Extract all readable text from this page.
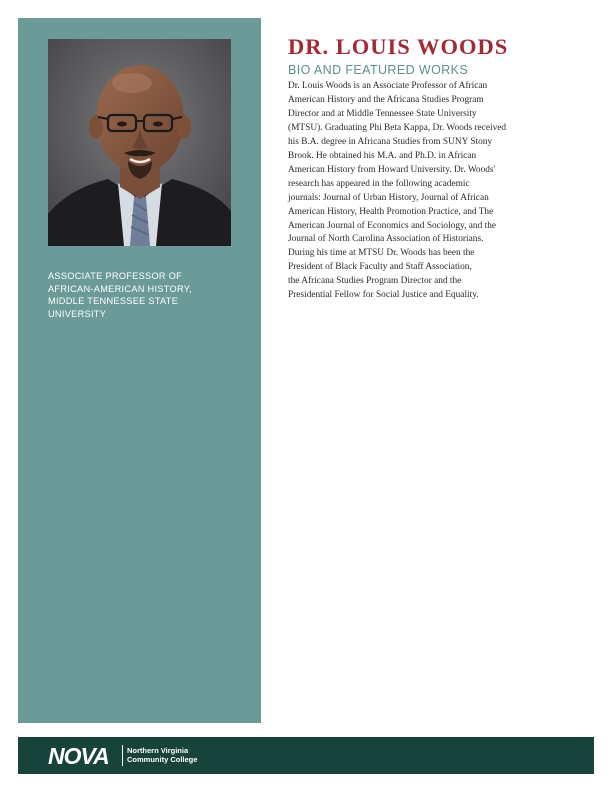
ASSOCIATE PROFESSOR OF
AFRICAN-AMERICAN HISTORY,
MIDDLE TENNESSEE STATE
UNIVERSITY
DR. LOUIS WOODS
BIO AND FEATURED WORKS
Dr. Louis Woods is an Associate Professor of African
American History and the Africana Studies Program
Director and at Middle Tennessee State University
(MTSU). Graduating Phi Beta Kappa, Dr. Woods received
his B.A. degree in Africana Studies from SUNY Stony
Brook. He obtained his M.A. and Ph.D. in African
American History from Howard University. Dr. Woods'
research has appeared in the following academic
journals: Journal of Urban History, Journal of African
American History, Health Promotion Practice, and The
American Journal of Economics and Sociology, and the
Journal of North Carolina Association of Historians.
During his time at MTSU Dr. Woods has been the
President of Black Faculty and Staff Association,
the Africana Studies Program Director and the
Presidential Fellow for Social Justice and Equality.
NOVA Northern Virginia
Community College
